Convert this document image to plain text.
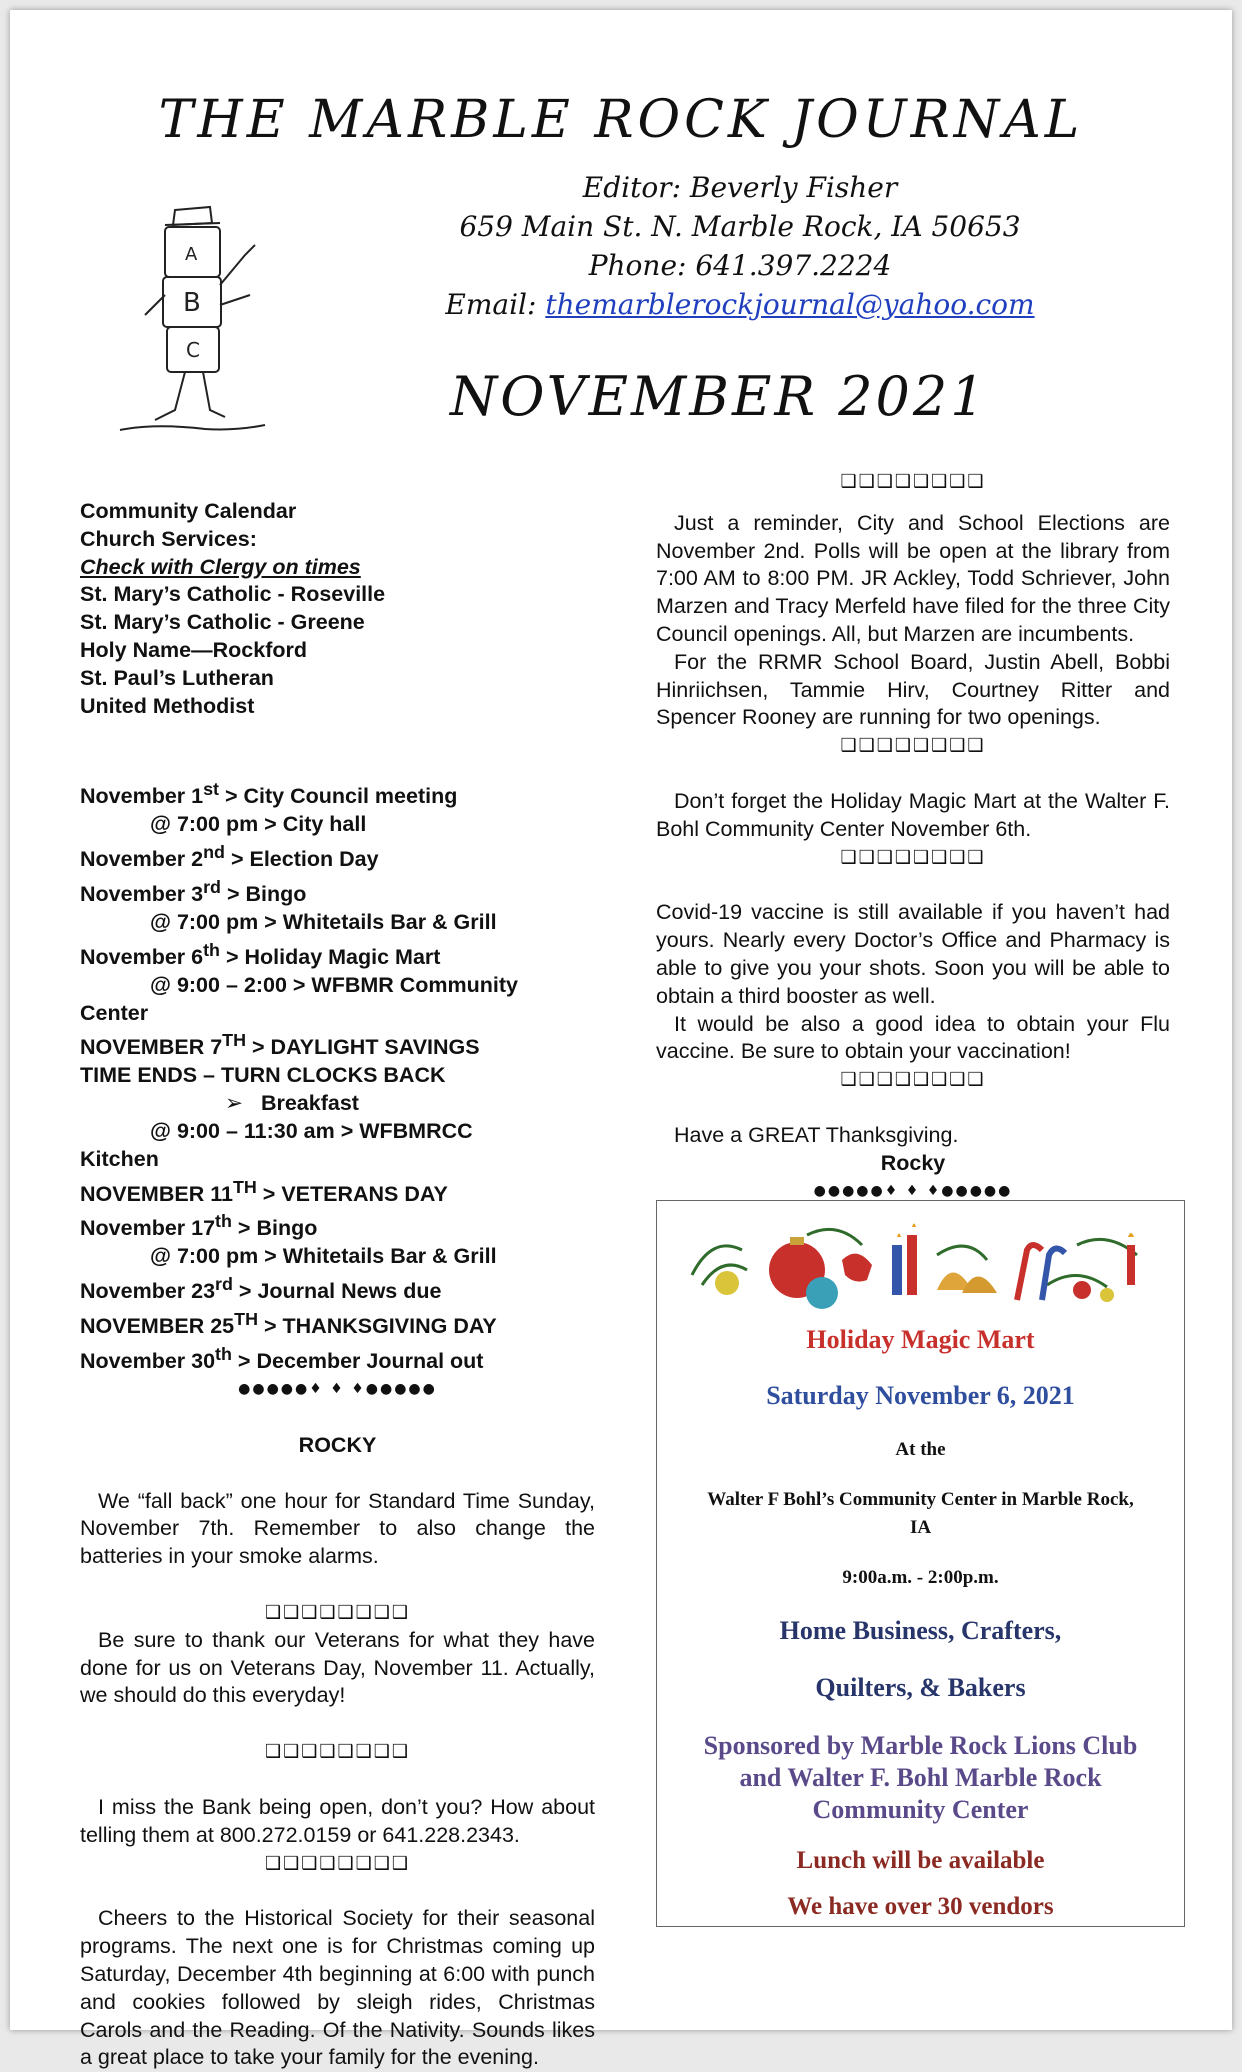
THE MARBLE ROCK JOURNAL
A
B
C
Editor: Beverly Fisher
659 Main St. N. Marble Rock, IA 50653
Phone: 641.397.2224
Email: themarblerockjournal@yahoo.com
NOVEMBER 2021
Community Calendar
Church Services:
Check with Clergy on times
St. Mary’s Catholic - Roseville
St. Mary’s Catholic - Greene
Holy Name—Rockford
St. Paul’s Lutheran
United Methodist
November 1st > City Council meeting
@ 7:00 pm > City hall
November 2nd > Election Day
November 3rd > Bingo
@ 7:00 pm > Whitetails Bar & Grill
November 6th > Holiday Magic Mart
@ 9:00 – 2:00 > WFBMR Community
Center
NOVEMBER 7TH > DAYLIGHT SAVINGS
TIME ENDS – TURN CLOCKS BACK
➢ Breakfast
@ 9:00 – 11:30 am > WFBMRCC
Kitchen
NOVEMBER 11TH > VETERANS DAY
November 17th > Bingo
@ 7:00 pm > Whitetails Bar & Grill
November 23rd > Journal News due
NOVEMBER 25TH > THANKSGIVING DAY
November 30th > December Journal out
●●●●●♦ ♦ ♦●●●●●
ROCKY
We “fall back” one hour for Standard Time Sunday, November 7th. Remember to also change the batteries in your smoke alarms.
❑❑❑❑❑❑❑❑
Be sure to thank our Veterans for what they have done for us on Veterans Day, November 11. Actually, we should do this everyday!
❑❑❑❑❑❑❑❑
I miss the Bank being open, don’t you? How about telling them at 800.272.0159 or 641.228.2343.
❑❑❑❑❑❑❑❑
Cheers to the Historical Society for their seasonal programs. The next one is for Christmas coming up Saturday, December 4th beginning at 6:00 with punch and cookies followed by sleigh rides, Christmas Carols and the Reading. Of the Nativity. Sounds likes a great place to take your family for the evening.
❑❑❑❑❑❑❑❑
Just a reminder, City and School Elections are November 2nd. Polls will be open at the library from 7:00 AM to 8:00 PM. JR Ackley, Todd Schriever, John Marzen and Tracy Merfeld have filed for the three City Council openings. All, but Marzen are incumbents.
For the RRMR School Board, Justin Abell, Bobbi Hinriichsen, Tammie Hirv, Courtney Ritter and Spencer Rooney are running for two openings.
❑❑❑❑❑❑❑❑
Don’t forget the Holiday Magic Mart at the Walter F. Bohl Community Center November 6th.
❑❑❑❑❑❑❑❑
Covid-19 vaccine is still available if you haven’t had yours. Nearly every Doctor’s Office and Pharmacy is able to give you your shots. Soon you will be able to obtain a third booster as well.
It would be also a good idea to obtain your Flu vaccine. Be sure to obtain your vaccination!
❑❑❑❑❑❑❑❑
Have a GREAT Thanksgiving.
Rocky
●●●●●♦ ♦ ♦●●●●●
Holiday Magic Mart
Saturday November 6, 2021
At the
Walter F Bohl’s Community Center in Marble Rock,
IA
9:00a.m. - 2:00p.m.
Home Business, Crafters,
Quilters, & Bakers
Sponsored by Marble Rock Lions Club
and Walter F. Bohl Marble Rock
Community Center
Lunch will be available
We have over 30 vendors
